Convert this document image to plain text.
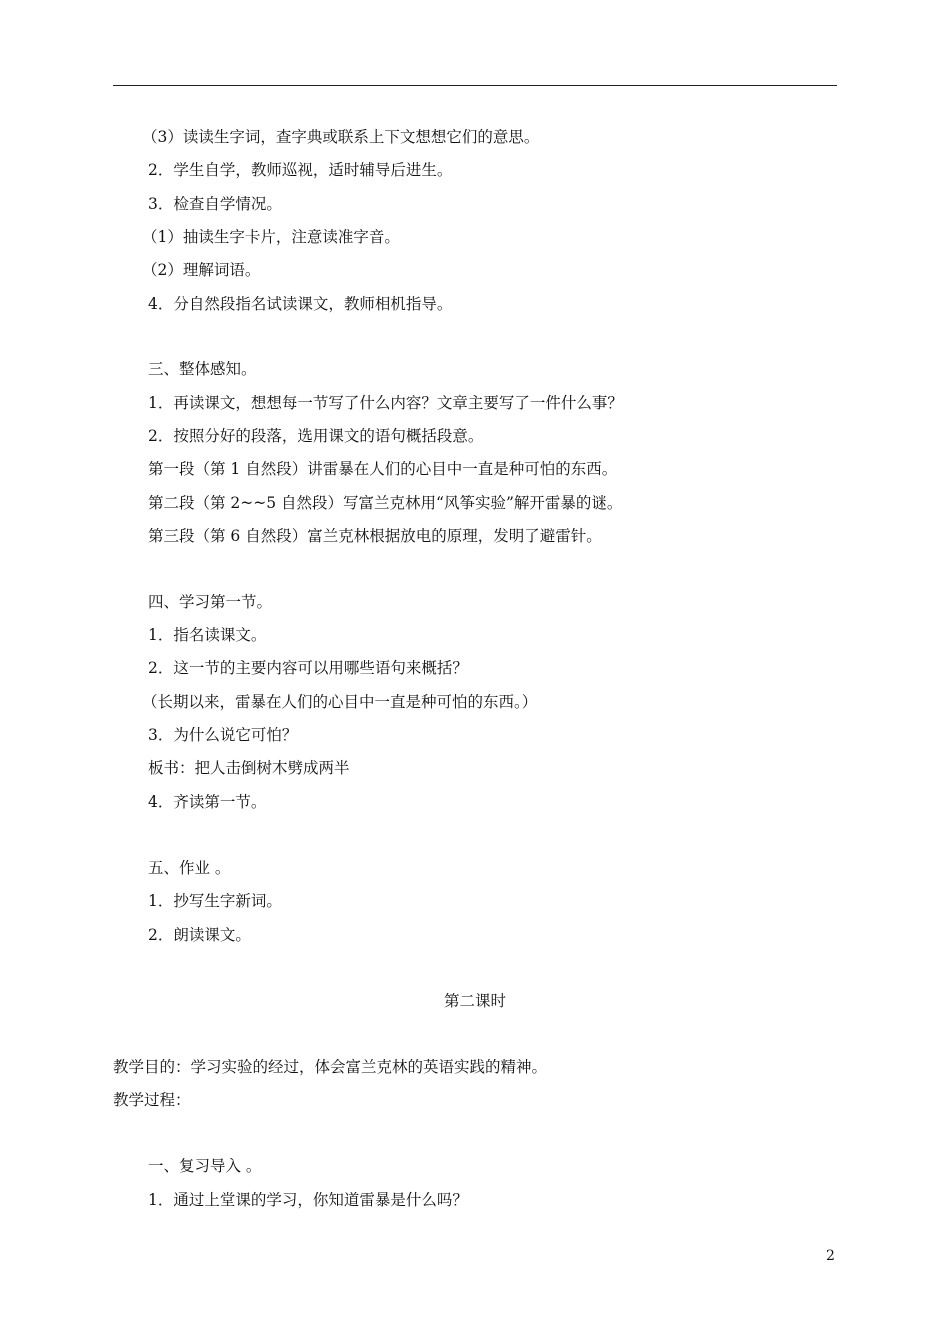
（3）读读生字词，查字典或联系上下文想想它们的意思。
2．学生自学，教师巡视，适时辅导后进生。
3．检查自学情况。
（1）抽读生字卡片，注意读准字音。
（2）理解词语。
4．分自然段指名试读课文，教师相机指导。
三、整体感知。
1．再读课文，想想每一节写了什么内容？文章主要写了一件什么事？
2．按照分好的段落，选用课文的语句概括段意。
第一段（第 1 自然段）讲雷暴在人们的心目中一直是种可怕的东西。
第二段（第 2~~5 自然段）写富兰克林用“风筝实验”解开雷暴的谜。
第三段（第 6 自然段）富兰克林根据放电的原理，发明了避雷针。
四、学习第一节。
1．指名读课文。
2．这一节的主要内容可以用哪些语句来概括？
（长期以来，雷暴在人们的心目中一直是种可怕的东西。）
3．为什么说它可怕？
板书：把人击倒树木劈成两半
4．齐读第一节。
五、作业 。
1．抄写生字新词。
2．朗读课文。
第二课时
教学目的：学习实验的经过，体会富兰克林的英语实践的精神。
教学过程：
一、复习导入 。
1．通过上堂课的学习，你知道雷暴是什么吗？
2
